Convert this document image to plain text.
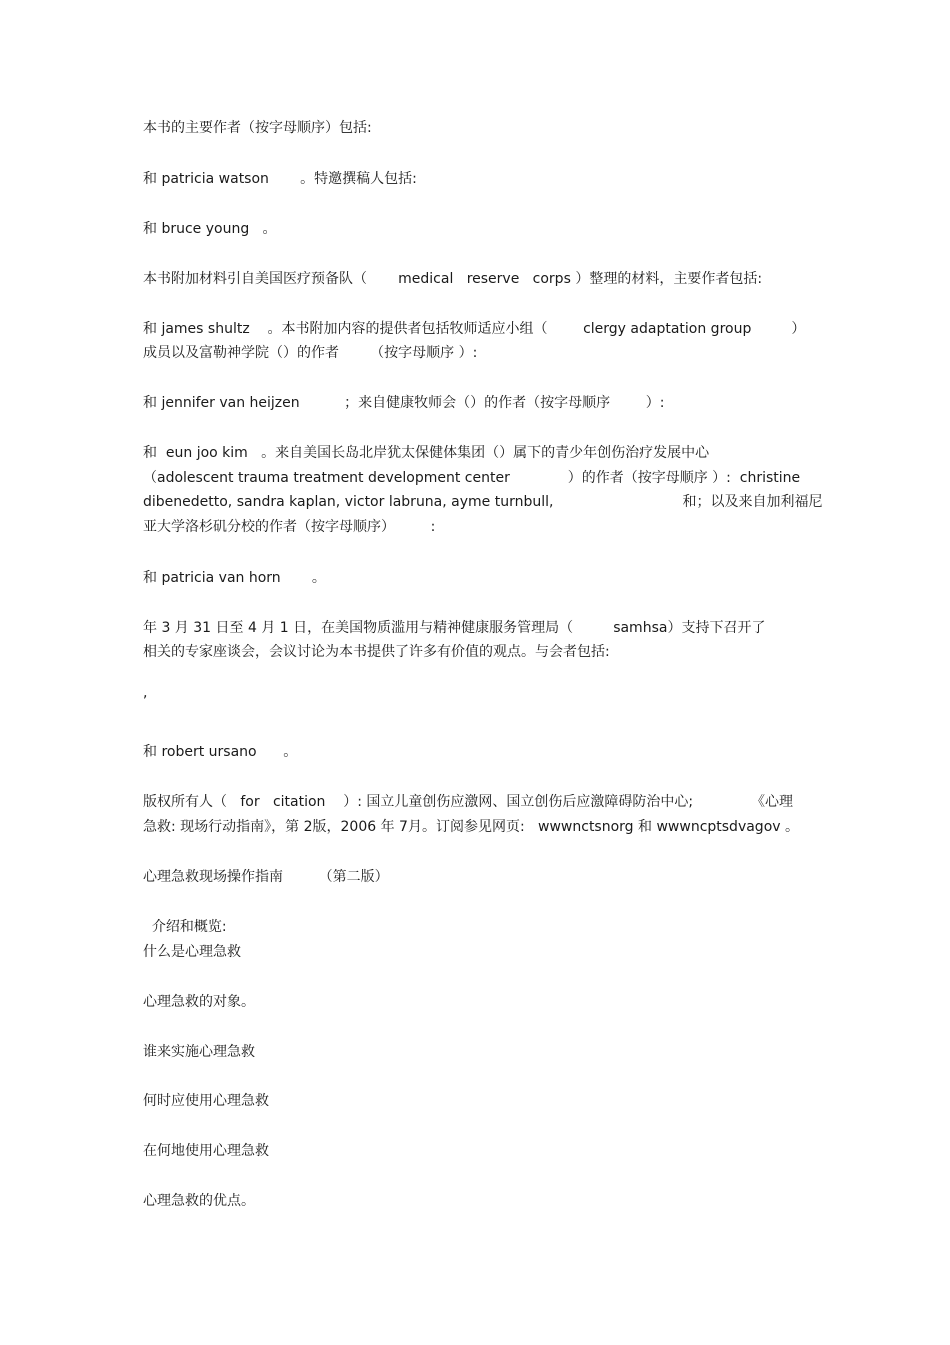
本书的主要作者（按字母顺序）包括:
和 patricia watson       。特邀撰稿人包括:
和 bruce young   。
本书附加材料引自美国医疗预备队（       medical   reserve   corps ）整理的材料，主要作者包括:
和 james shultz    。本书附加内容的提供者包括牧师适应小组（        clergy adaptation group         ）
成员以及富勒神学院（）的作者       （按字母顺序 ）:
和 jennifer van heijzen          ；来自健康牧师会（）的作者（按字母顺序        ）:
和  eun joo kim   。来自美国长岛北岸犹太保健体集团（）属下的青少年创伤治疗发展中心
（adolescent trauma treatment development center             ）的作者（按字母顺序 ）:  christine
dibenedetto, sandra kaplan, victor labruna, ayme turnbull,                             和；以及来自加利福尼
亚大学洛杉矶分校的作者（按字母顺序）        :
和 patricia van horn       。
年 3 月 31 日至 4 月 1 日，在美国物质滥用与精神健康服务管理局（         samhsa）支持下召开了
相关的专家座谈会，会议讨论为本书提供了许多有价值的观点。与会者包括:
,
和 robert ursano      。
版权所有人（   for   citation    ）: 国立儿童创伤应激网、国立创伤后应激障碍防治中心;             《心理
急救: 现场行动指南》，第 2版，2006 年 7月。订阅参见网页:   wwwnctsnorg 和 wwwncptsdvagov 。
心理急救现场操作指南        （第二版）
介绍和概览:
什么是心理急救
心理急救的对象。
谁来实施心理急救
何时应使用心理急救
在何地使用心理急救
心理急救的优点。
